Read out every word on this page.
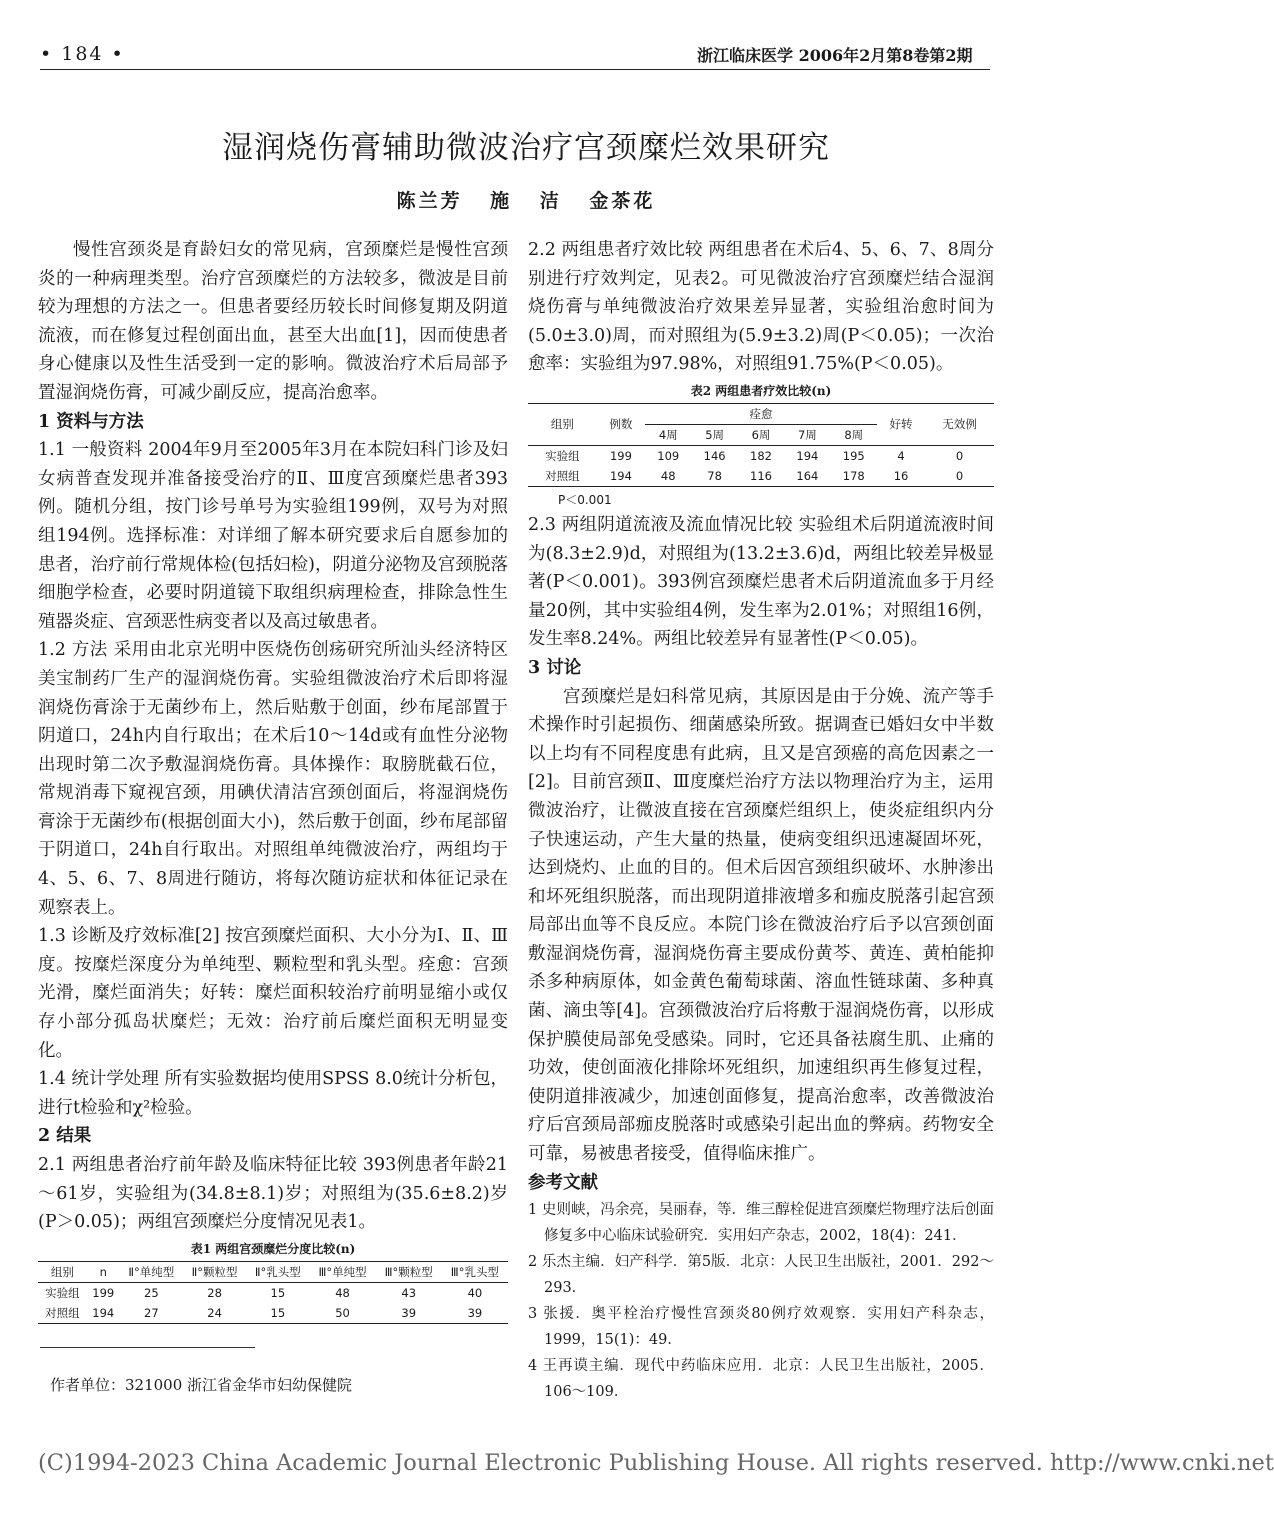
• 184 •	浙江临床医学 2006年2月第8卷第2期
湿润烧伤膏辅助微波治疗宫颈糜烂效果研究
陈兰芳 施 洁 金茶花

慢性宫颈炎是育龄妇女的常见病，宫颈糜烂是慢性宫颈炎的一种病理类型。治疗宫颈糜烂的方法较多，微波是目前较为理想的方法之一。但患者要经历较长时间修复期及阴道流液，而在修复过程创面出血，甚至大出血[1]，因而使患者身心健康以及性生活受到一定的影响。微波治疗术后局部予置湿润烧伤膏，可减少副反应，提高治愈率。

1 资料与方法

1.1 一般资料 2004年9月至2005年3月在本院妇科门诊及妇女病普查发现并准备接受治疗的Ⅱ、Ⅲ度宫颈糜烂患者393例。随机分组，按门诊号单号为实验组199例，双号为对照组194例。选择标准：对详细了解本研究要求后自愿参加的患者，治疗前行常规体检(包括妇检)，阴道分泌物及宫颈脱落细胞学检查，必要时阴道镜下取组织病理检查，排除急性生殖器炎症、宫颈恶性病变者以及高过敏患者。

1.2 方法 采用由北京光明中医烧伤创疡研究所汕头经济特区美宝制药厂生产的湿润烧伤膏。实验组微波治疗术后即将湿润烧伤膏涂于无菌纱布上，然后贴敷于创面，纱布尾部置于阴道口，24h内自行取出；在术后10～14d或有血性分泌物出现时第二次予敷湿润烧伤膏。具体操作：取膀胱截石位，常规消毒下窥视宫颈，用碘伏清洁宫颈创面后，将湿润烧伤膏涂于无菌纱布(根据创面大小)，然后敷于创面，纱布尾部留于阴道口，24h自行取出。对照组单纯微波治疗，两组均于4、5、6、7、8周进行随访，将每次随访症状和体征记录在观察表上。

1.3 诊断及疗效标准[2] 按宫颈糜烂面积、大小分为Ⅰ、Ⅱ、Ⅲ度。按糜烂深度分为单纯型、颗粒型和乳头型。痊愈：宫颈光滑，糜烂面消失；好转：糜烂面积较治疗前明显缩小或仅存小部分孤岛状糜烂；无效：治疗前后糜烂面积无明显变化。

1.4 统计学处理 所有实验数据均使用SPSS 8.0统计分析包，进行t检验和χ²检验。

2 结果

2.1 两组患者治疗前年龄及临床特征比较 393例患者年龄21～61岁，实验组为(34.8±8.1)岁；对照组为(35.6±8.2)岁(P＞0.05)；两组宫颈糜烂分度情况见表1。

表1 两组宫颈糜烂分度比较(n)
组别	n	Ⅱ°单纯型	Ⅱ°颗粒型	Ⅱ°乳头型	Ⅲ°单纯型	Ⅲ°颗粒型	Ⅲ°乳头型
实验组	199	25	28	15	48	43	40
对照组	194	27	24	15	50	39	39
作者单位：321000 浙江省金华市妇幼保健院

2.2 两组患者疗效比较 两组患者在术后4、5、6、7、8周分别进行疗效判定，见表2。可见微波治疗宫颈糜烂结合湿润烧伤膏与单纯微波治疗效果差异显著，实验组治愈时间为(5.0±3.0)周，而对照组为(5.9±3.2)周(P＜0.05)；一次治愈率：实验组为97.98%，对照组91.75%(P＜0.05)。

表2 两组患者疗效比较(n)
组别	例数	痊愈					好转	无效例
		4周	5周	6周	7周	8周		
实验组	199	109	146	182	194	195	4	0
对照组	194	48	78	116	164	178	16	0
P＜0.001

2.3 两组阴道流液及流血情况比较 实验组术后阴道流液时间为(8.3±2.9)d，对照组为(13.2±3.6)d，两组比较差异极显著(P＜0.001)。393例宫颈糜烂患者术后阴道流血多于月经量20例，其中实验组4例，发生率为2.01%；对照组16例，发生率8.24%。两组比较差异有显著性(P＜0.05)。

3 讨论

宫颈糜烂是妇科常见病，其原因是由于分娩、流产等手术操作时引起损伤、细菌感染所致。据调查已婚妇女中半数以上均有不同程度患有此病，且又是宫颈癌的高危因素之一[2]。目前宫颈Ⅱ、Ⅲ度糜烂治疗方法以物理治疗为主，运用微波治疗，让微波直接在宫颈糜烂组织上，使炎症组织内分子快速运动，产生大量的热量，使病变组织迅速凝固坏死，达到烧灼、止血的目的。但术后因宫颈组织破坏、水肿渗出和坏死组织脱落，而出现阴道排液增多和痂皮脱落引起宫颈局部出血等不良反应。本院门诊在微波治疗后予以宫颈创面敷湿润烧伤膏，湿润烧伤膏主要成份黄芩、黄连、黄柏能抑杀多种病原体，如金黄色葡萄球菌、溶血性链球菌、多种真菌、滴虫等[4]。宫颈微波治疗后将敷于湿润烧伤膏，以形成保护膜使局部免受感染。同时，它还具备祛腐生肌、止痛的功效，使创面液化排除坏死组织，加速组织再生修复过程，使阴道排液减少，加速创面修复，提高治愈率，改善微波治疗后宫颈局部痂皮脱落时或感染引起出血的弊病。药物安全可靠，易被患者接受，值得临床推广。

参考文献

1 史则峡，冯余亮，吴丽春，等．维三醇栓促进宫颈糜烂物理疗法后创面修复多中心临床试验研究．实用妇产杂志，2002，18(4)：241．

2 乐杰主编．妇产科学．第5版．北京：人民卫生出版社，2001．292～293．

3 张援．奥平栓治疗慢性宫颈炎80例疗效观察．实用妇产科杂志，1999，15(1)：49．

4 王再谟主编．现代中药临床应用．北京：人民卫生出版社，2005．106～109．

(C)1994-2023 China Academic Journal Electronic Publishing House. All rights reserved. http://www.cnki.net
